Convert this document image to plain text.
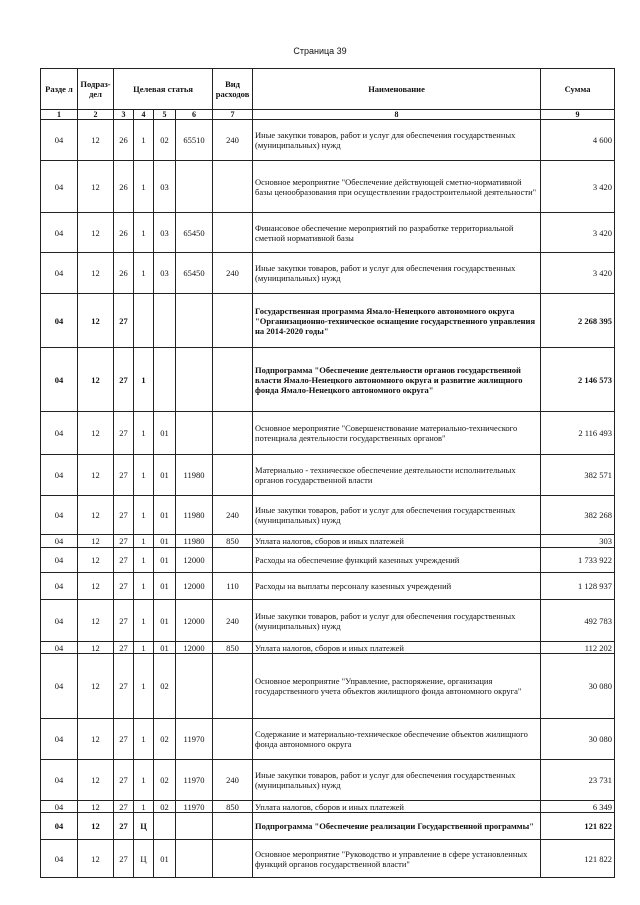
Страница 39
Разде л	Подраз- дел	Целевая статья				Вид расходов	Наименование	Сумма
1	2	3	4	5	6	7	8	9
04	12	26	1	02	65510	240	Иные закупки товаров, работ и услуг для обеспечения государственных (муниципальных) нужд	4 600
04	12	26	1	03			Основное мероприятие "Обеспечение действующей сметно-нормативной базы ценообразования при осуществлении градостроительной деятельности"	3 420
04	12	26	1	03	65450		Финансовое обеспечение мероприятий по разработке территориальной сметной нормативной базы	3 420
04	12	26	1	03	65450	240	Иные закупки товаров, работ и услуг для обеспечения государственных (муниципальных) нужд	3 420
04	12	27					Государственная программа Ямало-Ненецкого автономного округа "Организационно-техническое оснащение государственного управления на 2014-2020 годы"	2 268 395
04	12	27	1				Подпрограмма "Обеспечение деятельности органов государственной власти Ямало-Ненецкого автономного округа и развитие жилищного фонда Ямало-Ненецкого автономного округа"	2 146 573
04	12	27	1	01			Основное мероприятие "Совершенствование материально-технического потенциала деятельности государственных органов"	2 116 493
04	12	27	1	01	11980		Материально - техническое обеспечение деятельности исполнительных органов государственной власти	382 571
04	12	27	1	01	11980	240	Иные закупки товаров, работ и услуг для обеспечения государственных (муниципальных) нужд	382 268
04	12	27	1	01	11980	850	Уплата налогов, сборов и иных платежей	303
04	12	27	1	01	12000		Расходы на обеспечение функций казенных учреждений	1 733 922
04	12	27	1	01	12000	110	Расходы на выплаты персоналу казенных учреждений	1 128 937
04	12	27	1	01	12000	240	Иные закупки товаров, работ и услуг для обеспечения государственных (муниципальных) нужд	492 783
04	12	27	1	01	12000	850	Уплата налогов, сборов и иных платежей	112 202
04	12	27	1	02			Основное мероприятие "Управление, распоряжение, организация государственного учета объектов жилищного фонда автономного округа"	30 080
04	12	27	1	02	11970		Содержание и материально-техническое обеспечение объектов жилищного фонда автономного округа	30 080
04	12	27	1	02	11970	240	Иные закупки товаров, работ и услуг для обеспечения государственных (муниципальных) нужд	23 731
04	12	27	1	02	11970	850	Уплата налогов, сборов и иных платежей	6 349
04	12	27	Ц				Подпрограмма "Обеспечение реализации Государственной программы"	121 822
04	12	27	Ц	01			Основное мероприятие "Руководство и управление в сфере установленных функций органов государственной власти"	121 822
